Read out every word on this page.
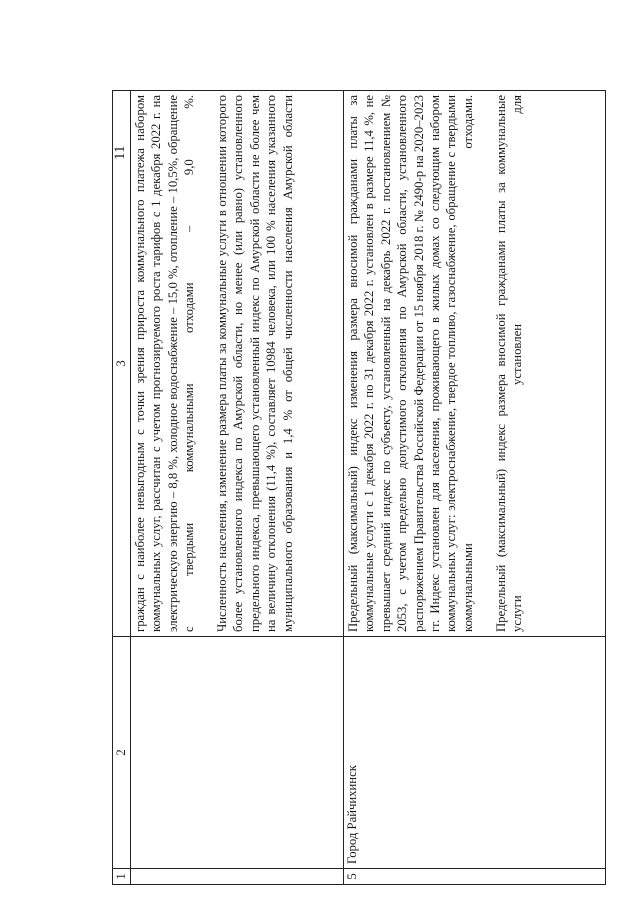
11
1	2	3

		граждан с наиболее невыгодным с точки зрения прироста коммунального платежа набором коммунальных услуг, рассчитан с учетом прогнозируемого роста тарифов с 1 декабря 2022 г. на электрическую энергию – 8,8 %, холодное водоснабжение – 15,0 %, отопление – 10,5%, обращение с твердыми коммунальными отходами – 9,0 %. Численность населения, изменение размера платы за коммунальные услуги в отношении которого более установленного индекса по Амурской области, но менее (или равно) установленного предельного индекса, превышающего установленный индекс по Амурской области не более чем на величину отклонения (11,4 %), составляет 10984 человека, или 100 % населения указанного муниципального образования и 1,4 % от общей численности населения Амурской области

5	Город Райчихинск	Предельный (максимальный) индекс изменения размера вносимой гражданами платы за коммунальные услуги с 1 декабря 2022 г. по 31 декабря 2022 г. установлен в размере 11,4 %, не превышает средний индекс по субъекту, установленный на декабрь 2022 г. постановлением № 2053, с учетом предельно допустимого отклонения по Амурской области, установленного распоряжением Правительства Российской Федерации от 15 ноября 2018 г. № 2490-р на 2020–2023 гг. Индекс установлен для населения, проживающего в жилых домах со следующим набором коммунальных услуг: электроснабжение, твердое топливо, газоснабжение, обращение с твердыми коммунальными отходами. Предельный (максимальный) индекс размера вносимой гражданами платы за коммунальные услуги установлен для
